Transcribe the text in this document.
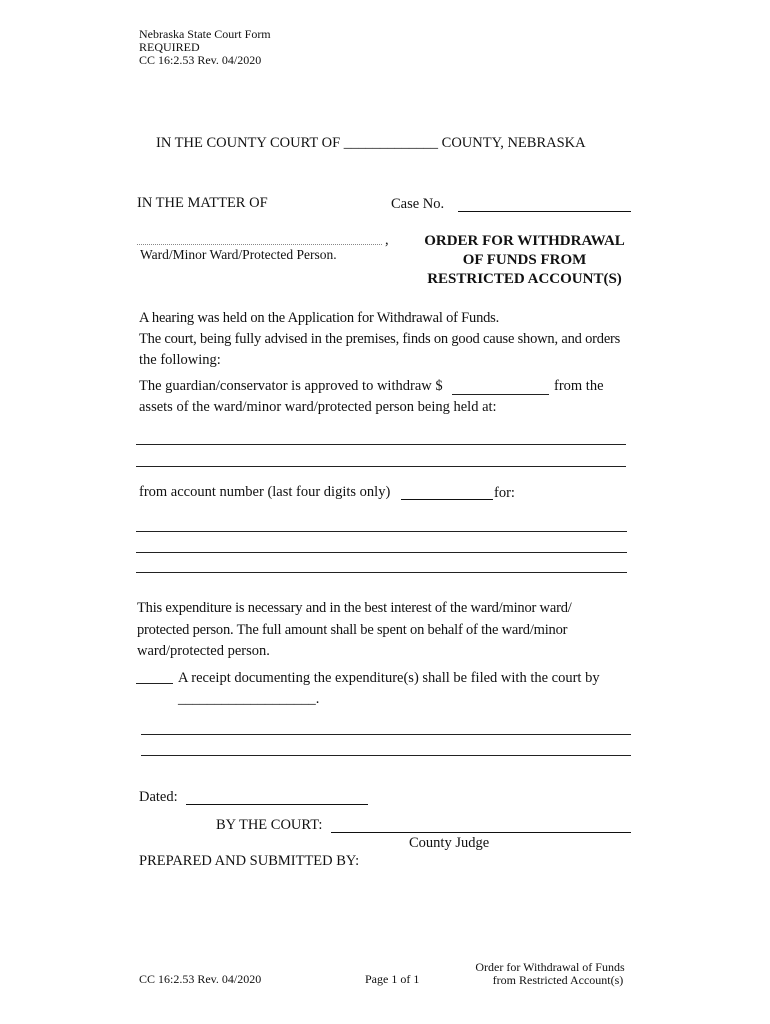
Nebraska State Court Form
REQUIRED
CC 16:2.53 Rev. 04/2020
IN THE COUNTY COURT OF _____________ COUNTY, NEBRASKA
IN THE MATTER OF	Case No.
,
Ward/Minor Ward/Protected Person.
ORDER FOR WITHDRAWAL
OF FUNDS FROM
RESTRICTED ACCOUNT(S)
A hearing was held on the Application for Withdrawal of Funds.
The court, being fully advised in the premises, finds on good cause shown, and orders
the following:
The guardian/conservator is approved to withdraw $	from the
assets of the ward/minor ward/protected person being held at:
from account number (last four digits only)	for:
This expenditure is necessary and in the best interest of the ward/minor ward/
protected person. The full amount shall be spent on behalf of the ward/minor
ward/protected person.
A receipt documenting the expenditure(s) shall be filed with the court by
___________________.
Dated:
BY THE COURT:
County Judge
PREPARED AND SUBMITTED BY:
CC 16:2.53 Rev. 04/2020	Page 1 of 1
Order for Withdrawal of Funds
from Restricted Account(s)
